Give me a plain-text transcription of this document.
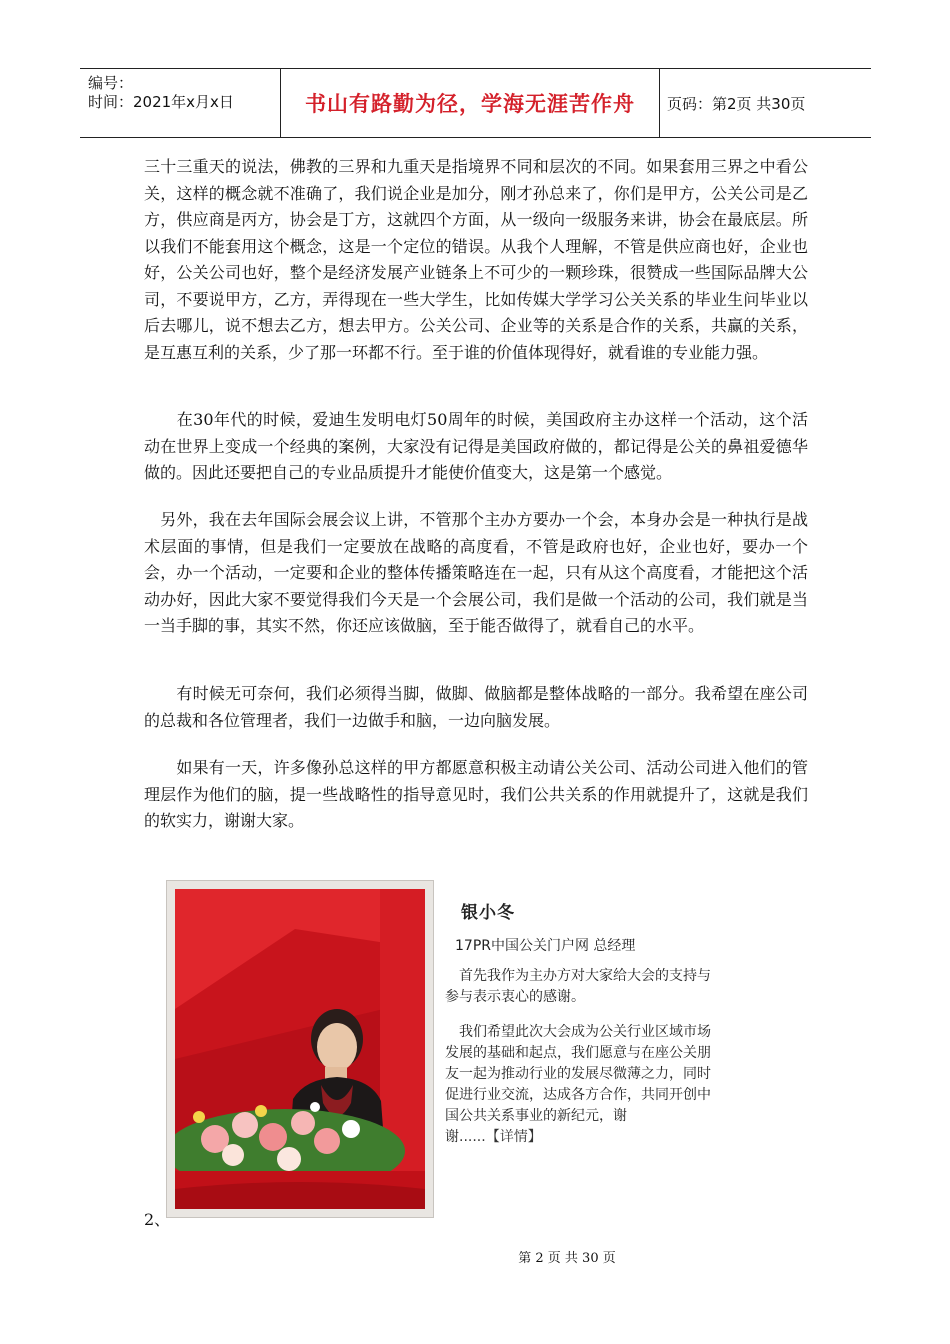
编号：
时间：2021年x月x日	书山有路勤为径，学海无涯苦作舟	页码：第2页 共30页

三十三重天的说法，佛教的三界和九重天是指境界不同和层次的不同。如果套用三界之中看公关，这样的概念就不准确了，我们说企业是加分，刚才孙总来了，你们是甲方，公关公司是乙方，供应商是丙方，协会是丁方，这就四个方面，从一级向一级服务来讲，协会在最底层。所以我们不能套用这个概念，这是一个定位的错误。从我个人理解，不管是供应商也好，企业也好，公关公司也好，整个是经济发展产业链条上不可少的一颗珍珠，很赞成一些国际品牌大公司，不要说甲方，乙方，弄得现在一些大学生，比如传媒大学学习公关关系的毕业生问毕业以后去哪儿，说不想去乙方，想去甲方。公关公司、企业等的关系是合作的关系，共赢的关系，是互惠互利的关系，少了那一环都不行。至于谁的价值体现得好，就看谁的专业能力强。

　　在30年代的时候，爱迪生发明电灯50周年的时候，美国政府主办这样一个活动，这个活动在世界上变成一个经典的案例，大家没有记得是美国政府做的，都记得是公关的鼻祖爱德华做的。因此还要把自己的专业品质提升才能使价值变大，这是第一个感觉。

　另外，我在去年国际会展会议上讲，不管那个主办方要办一个会，本身办会是一种执行是战术层面的事情，但是我们一定要放在战略的高度看，不管是政府也好，企业也好，要办一个会，办一个活动，一定要和企业的整体传播策略连在一起，只有从这个高度看，才能把这个活动办好，因此大家不要觉得我们今天是一个会展公司，我们是做一个活动的公司，我们就是当一当手脚的事，其实不然，你还应该做脑，至于能否做得了，就看自己的水平。

　　有时候无可奈何，我们必须得当脚，做脚、做脑都是整体战略的一部分。我希望在座公司的总裁和各位管理者，我们一边做手和脑，一边向脑发展。

　　如果有一天，许多像孙总这样的甲方都愿意积极主动请公关公司、活动公司进入他们的管理层作为他们的脑，提一些战略性的指导意见时，我们公共关系的作用就提升了，这就是我们的软实力，谢谢大家。

银小冬
17PR中国公关门户网 总经理
　首先我作为主办方对大家给大会的支持与参与表示衷心的感谢。
　我们希望此次大会成为公关行业区域市场发展的基础和起点，我们愿意与在座公关朋友一起为推动行业的发展尽微薄之力，同时促进行业交流，达成各方合作，共同开创中国公共关系事业的新纪元，谢谢......【详情】
2、
第 2 页 共 30 页
